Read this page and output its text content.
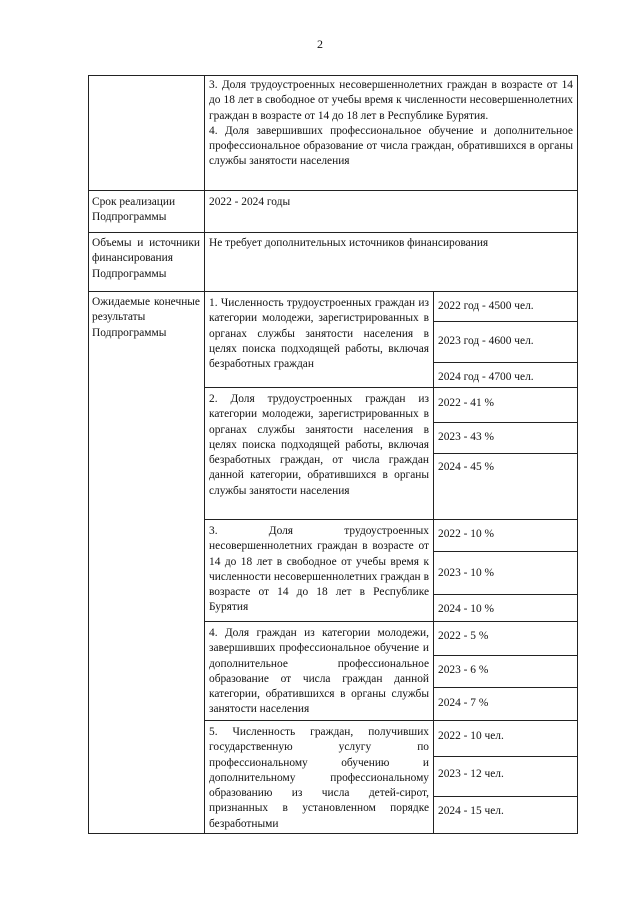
2
3. Доля трудоустроенных несовершеннолетних граждан в возрасте от 14 до 18 лет в свободное от учебы время к численности несовершеннолетних граждан в возрасте от 14 до 18 лет в Республике Бурятия.
4. Доля завершивших профессиональное обучение и дополнительное профессиональное образование от числа граждан, обратившихся в органы службы занятости населения
Срок реализации Подпрограммы
2022 - 2024 годы
Объемы и источники финансирования Подпрограммы
Не требует дополнительных источников финансирования
Ожидаемые конечные результаты Подпрограммы
1. Численность трудоустроенных граждан из категории молодежи, зарегистрированных в органах службы занятости населения в целях поиска подходящей работы, включая безработных граждан
2022 год - 4500 чел.
2023 год - 4600 чел.
2024 год - 4700 чел.
2. Доля трудоустроенных граждан из категории молодежи, зарегистрированных в органах службы занятости населения в целях поиска подходящей работы, включая безработных граждан, от числа граждан данной категории, обратившихся в органы службы занятости населения
2022 - 41 %
2023 - 43 %
2024 - 45 %
3. Доля трудоустроенных несовершеннолетних граждан в возрасте от 14 до 18 лет в свободное от учебы время к численности несовершеннолетних граждан в возрасте от 14 до 18 лет в Республике Бурятия
2022 - 10 %
2023 - 10 %
2024 - 10 %
4. Доля граждан из категории молодежи, завершивших профессиональное обучение и дополнительное профессиональное образование от числа граждан данной категории, обратившихся в органы службы занятости населения
2022 - 5 %
2023 - 6 %
2024 - 7 %
5. Численность граждан, получивших государственную услугу по профессиональному обучению и дополнительному профессиональному образованию из числа детей-сирот, признанных в установленном порядке безработными
2022 - 10 чел.
2023 - 12 чел.
2024 - 15 чел.
